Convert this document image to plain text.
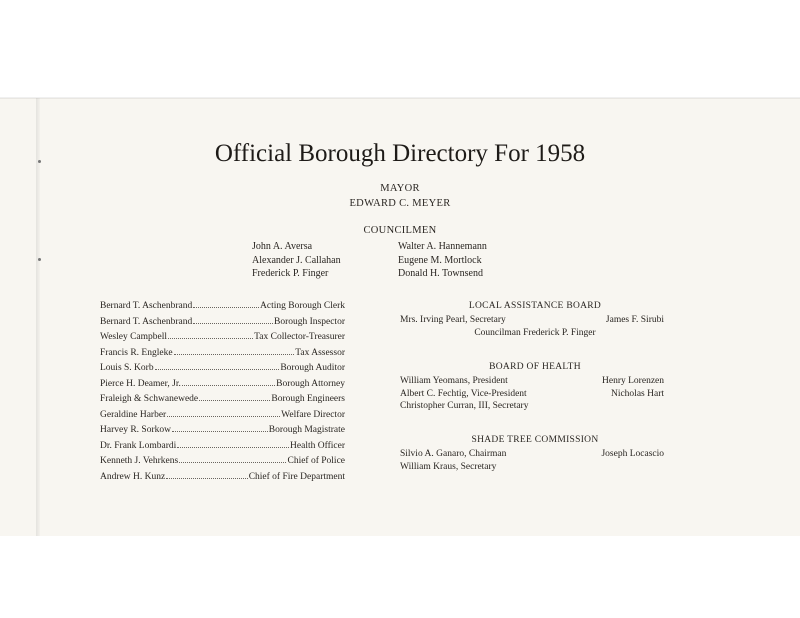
Official Borough Directory For 1958
MAYOR
EDWARD C. MEYER
COUNCILMEN
John A. Aversa
Alexander J. Callahan
Frederick P. Finger
Walter A. Hannemann
Eugene M. Mortlock
Donald H. Townsend
Bernard T. Aschenbrand	Acting Borough Clerk
Bernard T. Aschenbrand	Borough Inspector
Wesley Campbell	Tax Collector-Treasurer
Francis R. Engleke	Tax Assessor
Louis S. Korb	Borough Auditor
Pierce H. Deamer, Jr.	Borough Attorney
Fraleigh & Schwanewede	Borough Engineers
Geraldine Harber	Welfare Director
Harvey R. Sorkow	Borough Magistrate
Dr. Frank Lombardi	Health Officer
Kenneth J. Vehrkens	Chief of Police
Andrew H. Kunz	Chief of Fire Department
LOCAL ASSISTANCE BOARD
Mrs. Irving Pearl, Secretary	James F. Sirubi
Councilman Frederick P. Finger
BOARD OF HEALTH
William Yeomans, President	Henry Lorenzen
Albert C. Fechtig, Vice-President	Nicholas Hart
Christopher Curran, III, Secretary
SHADE TREE COMMISSION
Silvio A. Ganaro, Chairman	Joseph Locascio
William Kraus, Secretary
